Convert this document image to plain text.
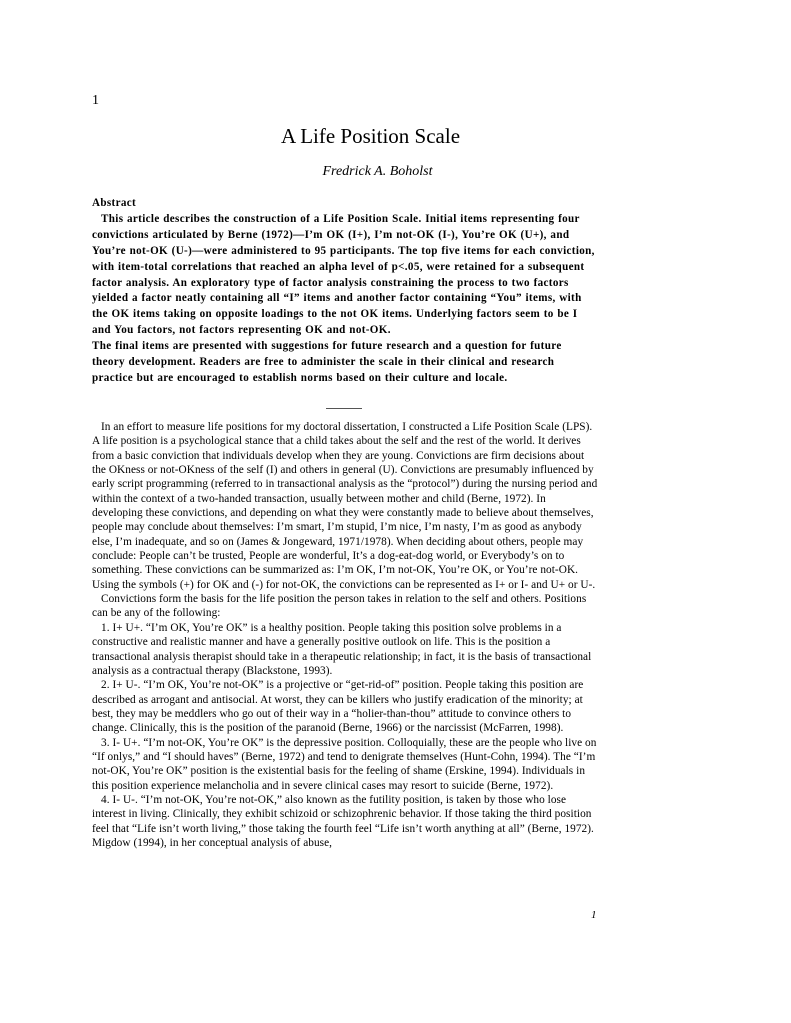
1
A Life Position Scale
Fredrick A. Boholst

Abstract

This article describes the construction of a Life Position Scale. Initial items representing four convictions articulated by Berne (1972)—I’m OK (I+), I’m not-OK (I-), You’re OK (U+), and You’re not-OK (U-)—were administered to 95 participants. The top five items for each conviction, with item-total correlations that reached an alpha level of p<.05, were retained for a subsequent factor analysis. An exploratory type of factor analysis constraining the process to two factors yielded a factor neatly containing all “I” items and another factor containing “You” items, with the OK items taking on opposite loadings to the not OK items. Underlying factors seem to be I and You factors, not factors representing OK and not-OK.

The final items are presented with suggestions for future research and a question for future theory development. Readers are free to administer the scale in their clinical and research practice but are encouraged to establish norms based on their culture and locale.

In an effort to measure life positions for my doctoral dissertation, I constructed a Life Position Scale (LPS). A life position is a psychological stance that a child takes about the self and the rest of the world. It derives from a basic conviction that individuals develop when they are young. Convictions are firm decisions about the OKness or not-OKness of the self (I) and others in general (U). Convictions are presumably influenced by early script programming (referred to in transactional analysis as the “protocol”) during the nursing period and within the context of a two-handed transaction, usually between mother and child (Berne, 1972). In developing these convictions, and depending on what they were constantly made to believe about themselves, people may conclude about themselves: I’m smart, I’m stupid, I’m nice, I’m nasty, I’m as good as anybody else, I’m inadequate, and so on (James & Jongeward, 1971/1978). When deciding about others, people may conclude: People can’t be trusted, People are wonderful, It’s a dog-eat-dog world, or Everybody’s on to something. These convictions can be summarized as: I’m OK, I’m not-OK, You’re OK, or You’re not-OK. Using the symbols (+) for OK and (-) for not-OK, the convictions can be represented as I+ or I- and U+ or U-.

Convictions form the basis for the life position the person takes in relation to the self and others. Positions can be any of the following:

1. I+ U+. “I’m OK, You’re OK” is a healthy position. People taking this position solve problems in a constructive and realistic manner and have a generally positive outlook on life. This is the position a transactional analysis therapist should take in a therapeutic relationship; in fact, it is the basis of transactional analysis as a contractual therapy (Blackstone, 1993).

2. I+ U-. “I’m OK, You’re not-OK” is a projective or “get-rid-of” position. People taking this position are described as arrogant and antisocial. At worst, they can be killers who justify eradication of the minority; at best, they may be meddlers who go out of their way in a “holier-than-thou” attitude to convince others to change. Clinically, this is the position of the paranoid (Berne, 1966) or the narcissist (McFarren, 1998).

3. I- U+. “I’m not-OK, You’re OK” is the depressive position. Colloquially, these are the people who live on “If onlys,” and “I should haves” (Berne, 1972) and tend to denigrate themselves (Hunt-Cohn, 1994). The “I’m not-OK, You’re OK” position is the existential basis for the feeling of shame (Erskine, 1994). Individuals in this position experience melancholia and in severe clinical cases may resort to suicide (Berne, 1972).

4. I- U-. “I’m not-OK, You’re not-OK,” also known as the futility position, is taken by those who lose interest in living. Clinically, they exhibit schizoid or schizophrenic behavior. If those taking the third position feel that “Life isn’t worth living,” those taking the fourth feel “Life isn’t worth anything at all” (Berne, 1972). Migdow (1994), in her conceptual analysis of abuse,

1
